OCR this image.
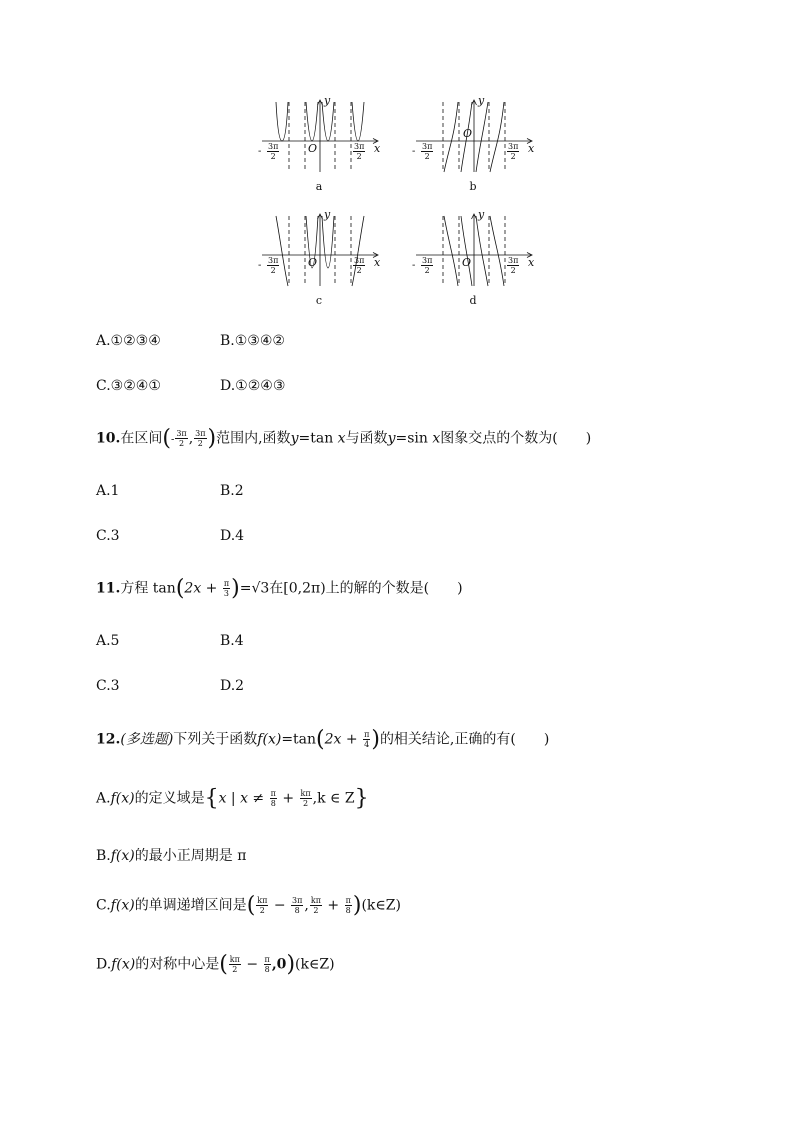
y
x
O
- $\frac{3\pi}{2}$	$\frac{3\pi}{2}$
a
y
x
O
- $\frac{3\pi}{2}$	$\frac{3\pi}{2}$
b
y
x
O
- $\frac{3\pi}{2}$	$\frac{3\pi}{2}$
c
y
x
O
- $\frac{3\pi}{2}$	$\frac{3\pi}{2}$
d
A.①②③④	B.①③④②
C.③②④①	D.①②④③
10.在区间(- $\frac{3\pi}{2}$ , $\frac{3\pi}{2}$ )范围内,函数y=tan x与函数y=sin x图象交点的个数为(　　)
A.1	B.2
C.3	D.4
11.方程 $\tan(2x + \frac{\pi}{3} )=√3$在[0,2π)上的解的个数是(　　)
A.5	B.4
C.3	D.2
12.(多选题)下列关于函数$f(x)=\tan(2x + \frac{\pi}{4}$ )的相关结论,正确的有(　　)
A.f(x)的定义域是{x | $x \ne \frac{\pi}{8} + \frac{k\pi}{2} ,k$ ∈ Z}
B.f(x)的最小正周期是 π
C.f(x)的单调递增区间是( $\frac{k\pi}{2} - \frac{3\pi}{8}$ , $\frac{k\pi}{2} + \frac{\pi}{8}$ )(k∈Z)
D.f(x)的对称中心是( $\frac{k\pi}{2} - \frac{\pi}{8}$ ,0)(k∈Z)
